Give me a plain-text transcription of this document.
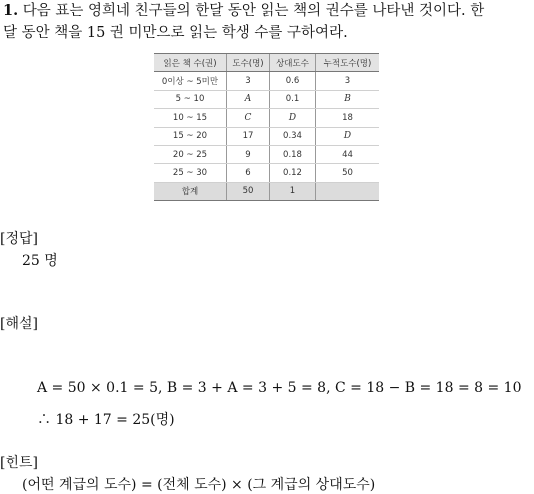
1. 다음 표는 영희네 친구들의 한달 동안 읽는 책의 권수를 나타낸 것이다. 한
달 동안 책을 15 권 미만으로 읽는 학생 수를 구하여라.
읽은 책 수(권)	도수(명)	상대도수	누적도수(명)
0이상 ~ 5미만	3	0.6	3
5 ~ 10	A	0.1	B
10 ~ 15	C	D	18
15 ~ 20	17	0.34	D
20 ~ 25	9	0.18	44
25 ~ 30	6	0.12	50
합계	50	1	
[정답]
25 명
[해설]
A = 50 × 0.1 = 5, B = 3 + A = 3 + 5 = 8, C = 18 − B = 18 = 8 = 10
∴ 18 + 17 = 25(명)
[힌트]
(어떤 계급의 도수) = (전체 도수) × (그 계급의 상대도수)
